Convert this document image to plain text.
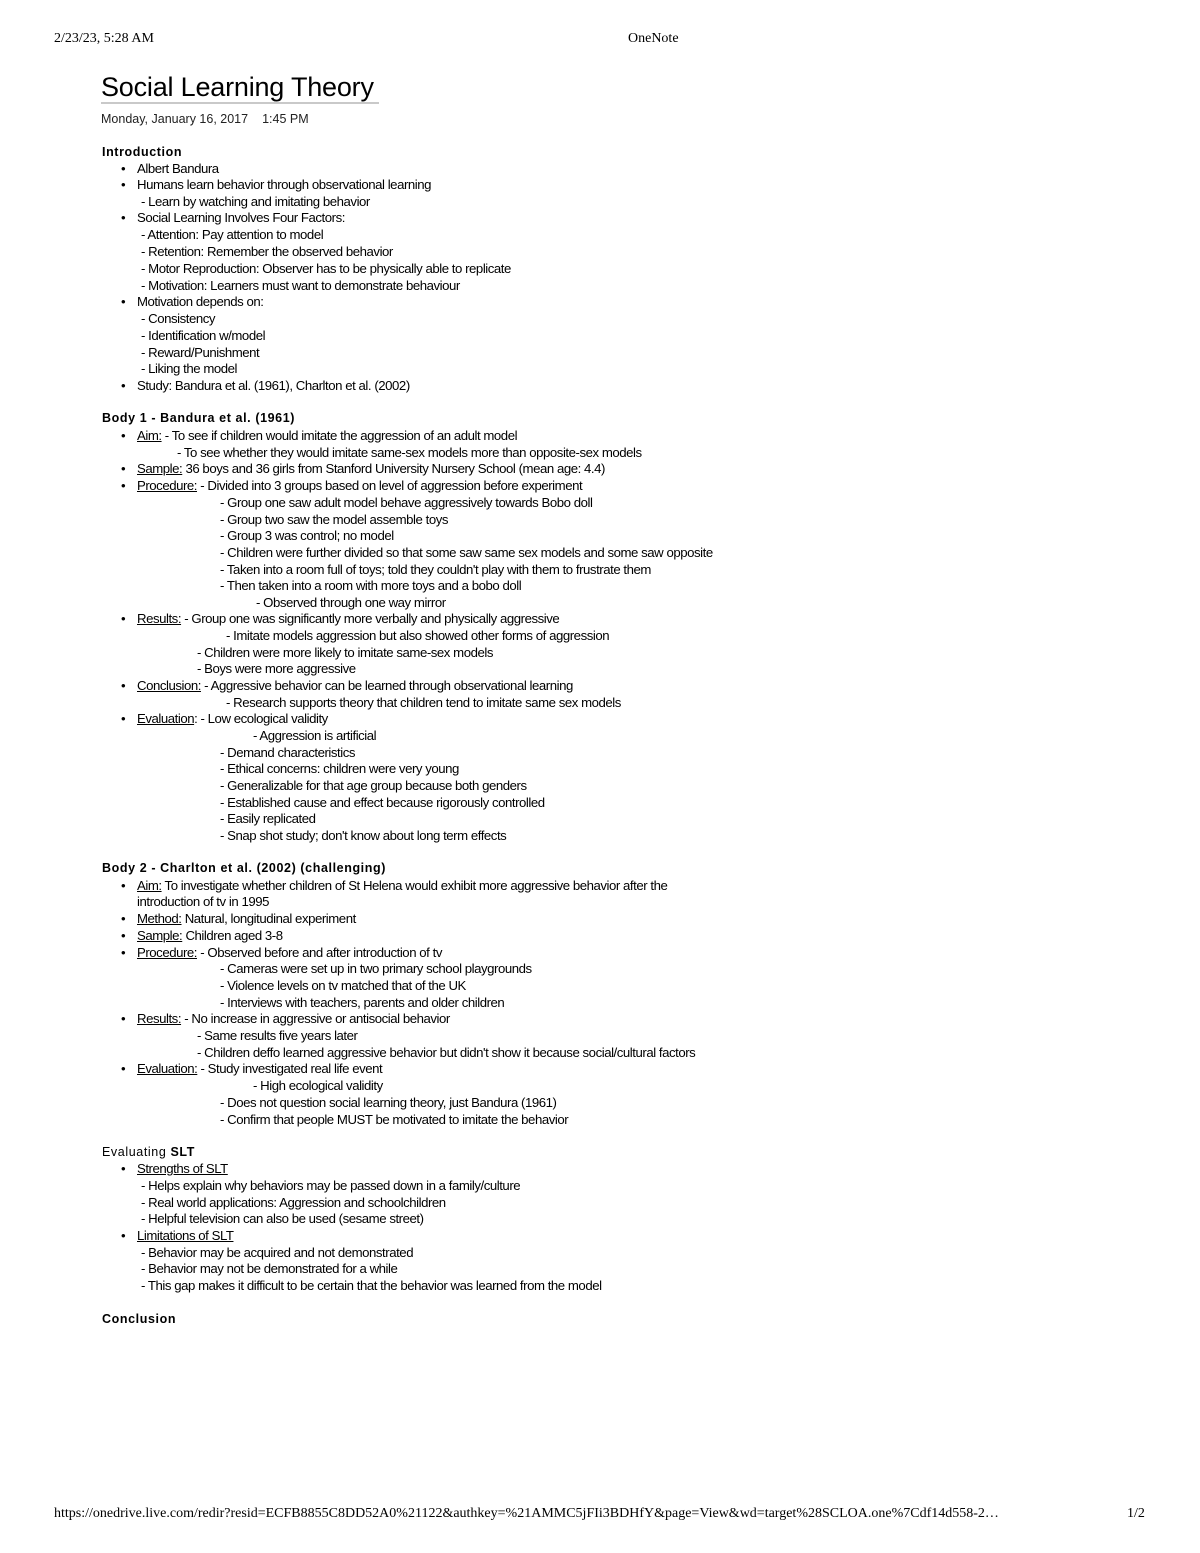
2/23/23, 5:28 AM	OneNote
Social Learning Theory
Monday, January 16, 2017 1:45 PM
Introduction
• Albert Bandura
• Humans learn behavior through observational learning
- Learn by watching and imitating behavior
• Social Learning Involves Four Factors:
- Attention: Pay attention to model
- Retention: Remember the observed behavior
- Motor Reproduction: Observer has to be physically able to replicate
- Motivation: Learners must want to demonstrate behaviour
• Motivation depends on:
- Consistency
- Identification w/model
- Reward/Punishment
- Liking the model
• Study: Bandura et al. (1961), Charlton et al. (2002)
Body 1 - Bandura et al. (1961)
• Aim: - To see if children would imitate the aggression of an adult model
- To see whether they would imitate same-sex models more than opposite-sex models
• Sample: 36 boys and 36 girls from Stanford University Nursery School (mean age: 4.4)
• Procedure: - Divided into 3 groups based on level of aggression before experiment
- Group one saw adult model behave aggressively towards Bobo doll
- Group two saw the model assemble toys
- Group 3 was control; no model
- Children were further divided so that some saw same sex models and some saw opposite
- Taken into a room full of toys; told they couldn't play with them to frustrate them
- Then taken into a room with more toys and a bobo doll
- Observed through one way mirror
• Results: - Group one was significantly more verbally and physically aggressive
- Imitate models aggression but also showed other forms of aggression
- Children were more likely to imitate same-sex models
- Boys were more aggressive
• Conclusion: - Aggressive behavior can be learned through observational learning
- Research supports theory that children tend to imitate same sex models
• Evaluation: - Low ecological validity
- Aggression is artificial
- Demand characteristics
- Ethical concerns: children were very young
- Generalizable for that age group because both genders
- Established cause and effect because rigorously controlled
- Easily replicated
- Snap shot study; don't know about long term effects
Body 2 - Charlton et al. (2002) (challenging)
• Aim: To investigate whether children of St Helena would exhibit more aggressive behavior after the
introduction of tv in 1995
• Method: Natural, longitudinal experiment
• Sample: Children aged 3-8
• Procedure: - Observed before and after introduction of tv
- Cameras were set up in two primary school playgrounds
- Violence levels on tv matched that of the UK
- Interviews with teachers, parents and older children
• Results: - No increase in aggressive or antisocial behavior
- Same results five years later
- Children deffo learned aggressive behavior but didn't show it because social/cultural factors
• Evaluation: - Study investigated real life event
- High ecological validity
- Does not question social learning theory, just Bandura (1961)
- Confirm that people MUST be motivated to imitate the behavior
Evaluating SLT
• Strengths of SLT
- Helps explain why behaviors may be passed down in a family/culture
- Real world applications: Aggression and schoolchildren
- Helpful television can also be used (sesame street)
• Limitations of SLT
- Behavior may be acquired and not demonstrated
- Behavior may not be demonstrated for a while
- This gap makes it difficult to be certain that the behavior was learned from the model
Conclusion
https://onedrive.live.com/redir?resid=ECFB8855C8DD52A0%21122&authkey=%21AMMC5jFIi3BDHfY&page=View&wd=target%28SCLOA.one%7Cdf14d558-2…	1/2
